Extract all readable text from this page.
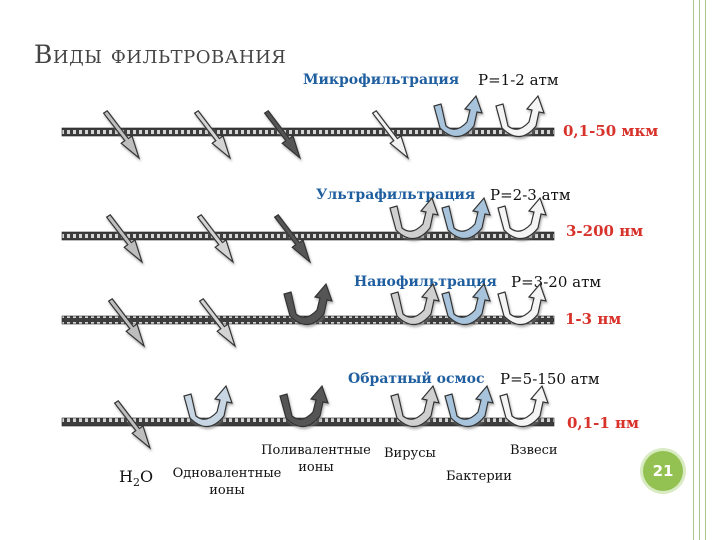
Виды фильтрования
Микрофильтрация P=1-2 атм
0,1-50 мкм
Ультрафильтрация P=2-3 атм
3-200 нм
Нанофильтрация P=3-20 атм
1-3 нм
Обратный осмос P=5-150 атм
0,1-1 нм
$H_2O$ Одновалентные
ионы
Поливалентные
ионы
Вирусы
Бактерии
Взвеси
21
